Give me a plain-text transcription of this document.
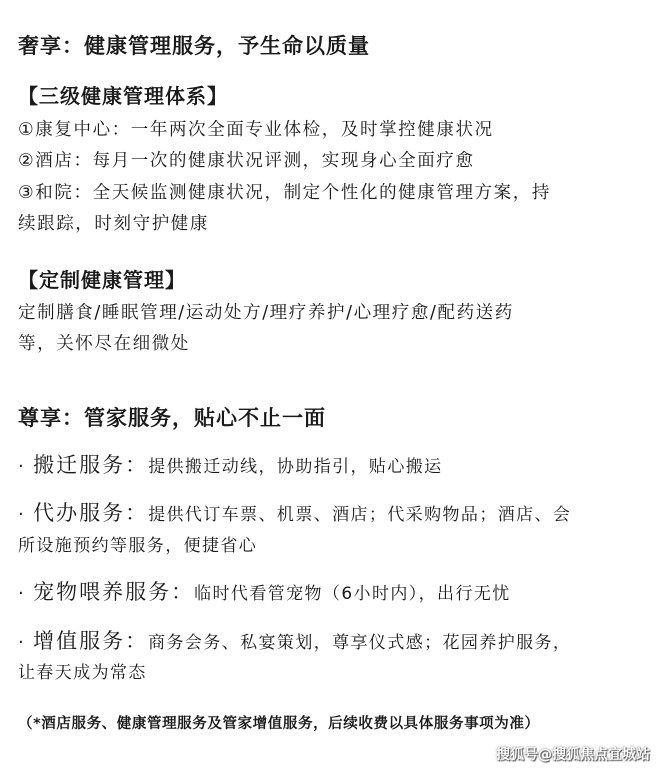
奢享：健康管理服务，予生命以质量
【三级健康管理体系】
①康复中心：一年两次全面专业体检，及时掌控健康状况
②酒店：每月一次的健康状况评测，实现身心全面疗愈
③和院：全天候监测健康状况，制定个性化的健康管理方案，持
续跟踪，时刻守护健康
【定制健康管理】
定制膳食/睡眠管理/运动处方/理疗养护/心理疗愈/配药送药
等，关怀尽在细微处
尊享：管家服务，贴心不止一面
· 搬迁服务：提供搬迁动线，协助指引，贴心搬运
· 代办服务：提供代订车票、机票、酒店；代采购物品；酒店、会
所设施预约等服务，便捷省心
· 宠物喂养服务：临时代看管宠物（6小时内），出行无忧
· 增值服务：商务会务、私宴策划，尊享仪式感；花园养护服务，
让春天成为常态
（*酒店服务、健康管理服务及管家增值服务，后续收费以具体服务事项为准）
搜狐号@搜狐焦点宜城站
